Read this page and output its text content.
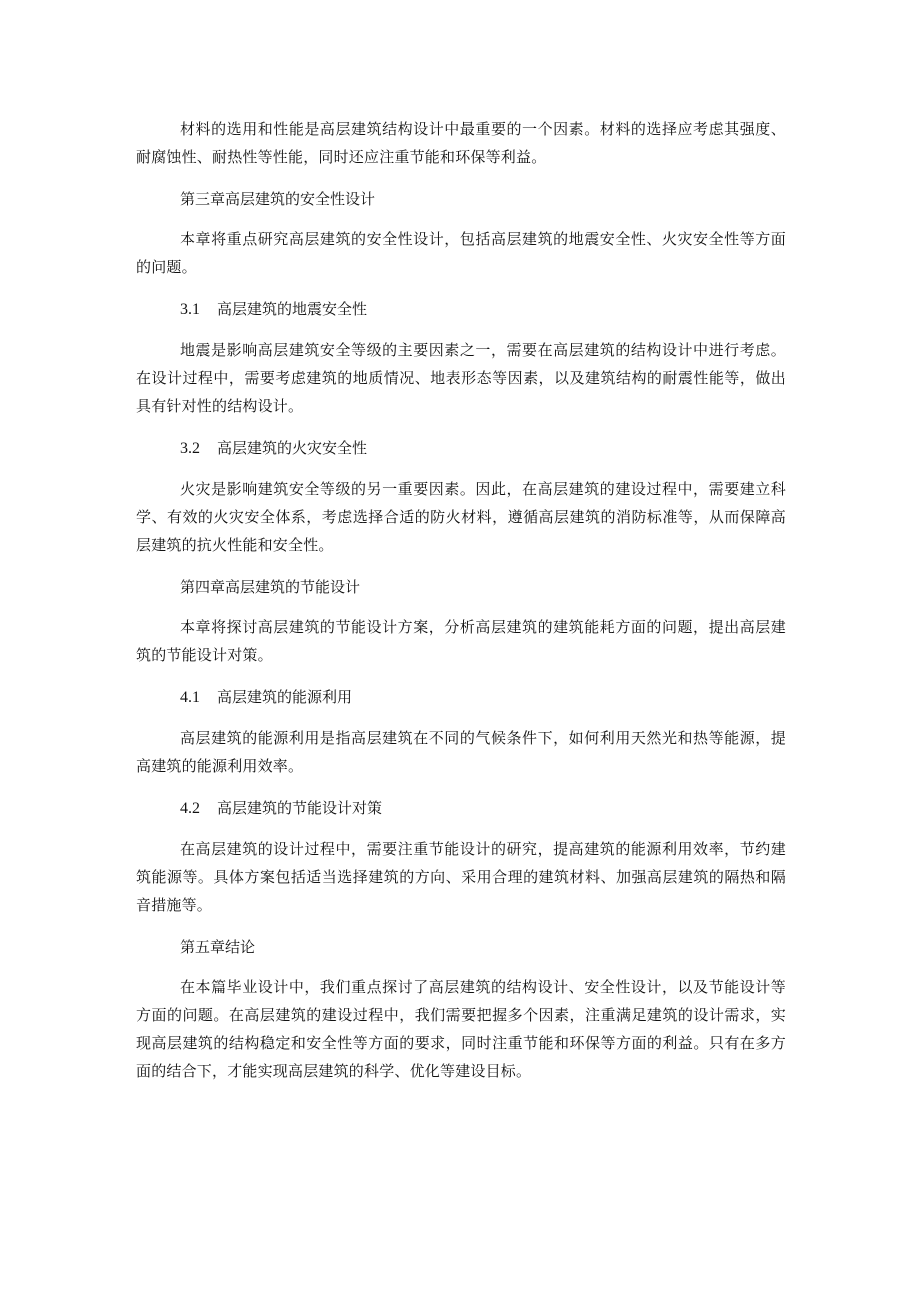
材料的选用和性能是高层建筑结构设计中最重要的一个因素。材料的选择应考虑其强度、耐腐蚀性、耐热性等性能，同时还应注重节能和环保等利益。

第三章高层建筑的安全性设计

本章将重点研究高层建筑的安全性设计，包括高层建筑的地震安全性、火灾安全性等方面的问题。

3.1 高层建筑的地震安全性

地震是影响高层建筑安全等级的主要因素之一，需要在高层建筑的结构设计中进行考虑。在设计过程中，需要考虑建筑的地质情况、地表形态等因素，以及建筑结构的耐震性能等，做出具有针对性的结构设计。

3.2 高层建筑的火灾安全性

火灾是影响建筑安全等级的另一重要因素。因此，在高层建筑的建设过程中，需要建立科学、有效的火灾安全体系，考虑选择合适的防火材料，遵循高层建筑的消防标准等，从而保障高层建筑的抗火性能和安全性。

第四章高层建筑的节能设计

本章将探讨高层建筑的节能设计方案，分析高层建筑的建筑能耗方面的问题，提出高层建筑的节能设计对策。

4.1 高层建筑的能源利用

高层建筑的能源利用是指高层建筑在不同的气候条件下，如何利用天然光和热等能源，提高建筑的能源利用效率。

4.2 高层建筑的节能设计对策

在高层建筑的设计过程中，需要注重节能设计的研究，提高建筑的能源利用效率，节约建筑能源等。具体方案包括适当选择建筑的方向、采用合理的建筑材料、加强高层建筑的隔热和隔音措施等。

第五章结论

在本篇毕业设计中，我们重点探讨了高层建筑的结构设计、安全性设计，以及节能设计等方面的问题。在高层建筑的建设过程中，我们需要把握多个因素，注重满足建筑的设计需求，实现高层建筑的结构稳定和安全性等方面的要求，同时注重节能和环保等方面的利益。只有在多方面的结合下，才能实现高层建筑的科学、优化等建设目标。
